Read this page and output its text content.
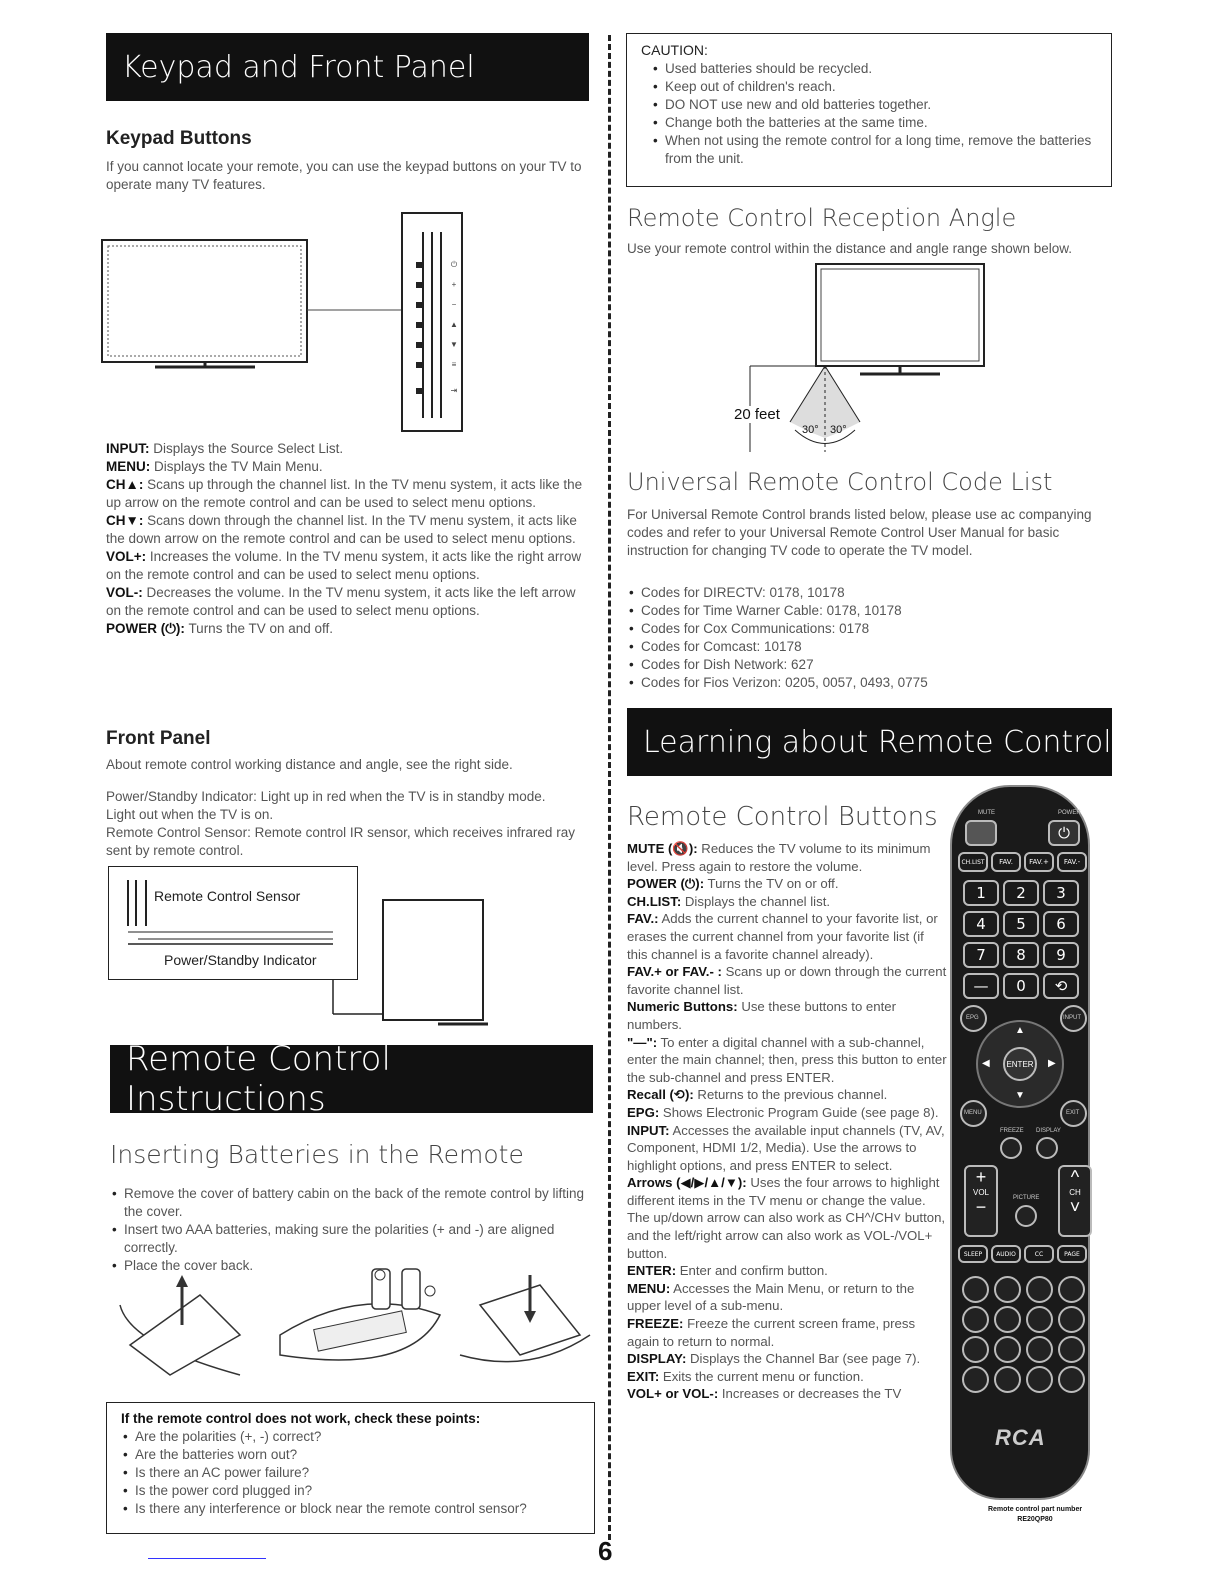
Keypad and Front Panel
Keypad Buttons
If you cannot locate your remote, you can use the keypad buttons on your TV to operate many TV features.
⏻
+
−
▲
▼
≡
⇥
INPUT: Displays the Source Select List.
MENU: Displays the TV Main Menu.
CH▲: Scans up through the channel list. In the TV menu system, it acts like the up arrow on the remote control and can be used to select menu options.
CH▼: Scans down through the channel list. In the TV menu system, it acts like the down arrow on the remote control and can be used to select menu options.
VOL+: Increases the volume. In the TV menu system, it acts like the right arrow on the remote control and can be used to select menu options.
VOL-: Decreases the volume. In the TV menu system, it acts like the left arrow on the remote control and can be used to select menu options.
POWER (⏻): Turns the TV on and off.
Front Panel
About remote control working distance and angle, see the right side.
Power/Standby Indicator: Light up in red when the TV is in standby mode. Light out when the TV is on.
Remote Control Sensor: Remote control IR sensor, which receives infrared ray sent by remote control.
Remote Control Sensor
Power/Standby Indicator
Remote Control Instructions
Inserting Batteries in the Remote
• Remove the cover of battery cabin on the back of the remote control by lifting the cover.
• Insert two AAA batteries, making sure the polarities (+ and -) are aligned correctly.
• Place the cover back.
If the remote control does not work, check these points:
• Are the polarities (+, -) correct?
• Are the batteries worn out?
• Is there an AC power failure?
• Is the power cord plugged in?
• Is there any interference or block near the remote control sensor?
6
CAUTION:
• Used batteries should be recycled.
• Keep out of children's reach.
• DO NOT use new and old batteries together.
• Change both the batteries at the same time.
• When not using the remote control for a long time, remove the batteries from the unit.
Remote Control Reception Angle
Use your remote control within the distance and angle range shown below.
20 feet
30° 30°
Universal Remote Control Code List
For Universal Remote Control brands listed below, please use ac companying codes and refer to your Universal Remote Control User Manual for basic instruction for changing TV code to operate the TV model.
• Codes for DIRECTV: 0178, 10178
• Codes for Time Warner Cable: 0178, 10178
• Codes for Cox Communications: 0178
• Codes for Comcast: 10178
• Codes for Dish Network: 627
• Codes for Fios Verizon: 0205, 0057, 0493, 0775
Learning about Remote Control
Remote Control Buttons
MUTE (🔇): Reduces the TV volume to its minimum level. Press again to restore the volume.
POWER (⏻): Turns the TV on or off.
CH.LIST: Displays the channel list.
FAV.: Adds the current channel to your favorite list, or erases the current channel from your favorite list (if this channel is a favorite channel already).
FAV.+ or FAV.- : Scans up or down through the current favorite channel list.
Numeric Buttons: Use these buttons to enter numbers.
"—": To enter a digital channel with a sub-channel, enter the main channel; then, press this button to enter the sub-channel and press ENTER.
Recall (⟲): Returns to the previous channel.
EPG: Shows Electronic Program Guide (see page 8).
INPUT: Accesses the available input channels (TV, AV, Component, HDMI 1/2, Media). Use the arrows to highlight options, and press ENTER to select.
Arrows (◀/▶/▲/▼): Uses the four arrows to highlight different items in the TV menu or change the value. The up/down arrow can also work as CH^/CH˅ button, and the left/right arrow can also work as VOL-/VOL+ button.
ENTER: Enter and confirm button.
MENU: Accesses the Main Menu, or return to the upper level of a sub-menu.
FREEZE: Freeze the current screen frame, press again to return to normal.
DISPLAY: Displays the Channel Bar (see page 7).
EXIT: Exits the current menu or function.
VOL+ or VOL-: Increases or decreases the TV
MUTE	POWER
⏻
CH.LIST FAV. FAV.+ FAV.-
1 2 3
4 5 6
7 8 9
— 0 ⟲
EPG	INPUT
▲
▼
◀	▶
ENTER
MENU	EXIT
FREEZE DISPLAY
+
VOL
−
^
CH
˅
PICTURE
SLEEP AUDIO	CC	PAGE
RCA
Remote control part number
RE20QP80
